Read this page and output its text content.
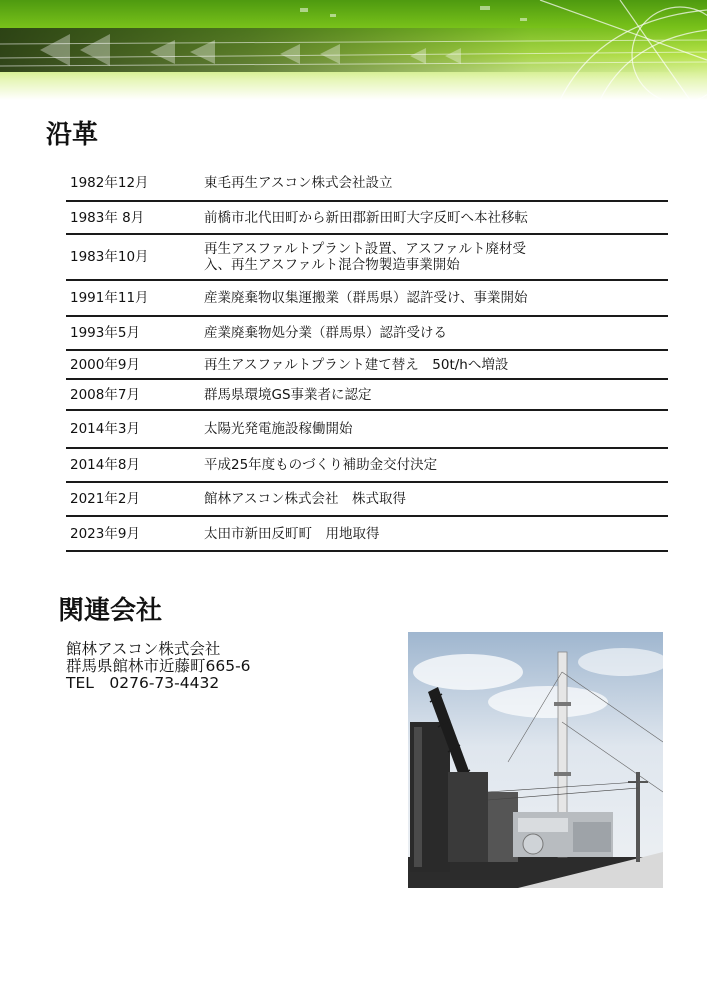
沿革
1982年12月	東毛再生アスコン株式会社設立
1983年 8月	前橋市北代田町から新田郡新田町大字反町へ本社移転
1983年10月	再生アスファルトプラント設置、アスファルト廃材受
入、再生アスファルト混合物製造事業開始

1991年11月	産業廃棄物収集運搬業（群馬県）認許受け、事業開始
1993年5月	産業廃棄物処分業（群馬県）認許受ける
2000年9月	再生アスファルトプラント建て替え　50t/hへ増設
2008年7月	群馬県環境GS事業者に認定
2014年3月	太陽光発電施設稼働開始
2014年8月	平成25年度ものづくり補助金交付決定
2021年2月	館林アスコン株式会社　株式取得
2023年9月	太田市新田反町町　用地取得
関連会社
館林アスコン株式会社
群馬県館林市近藤町665-6
TEL　0276-73-4432
